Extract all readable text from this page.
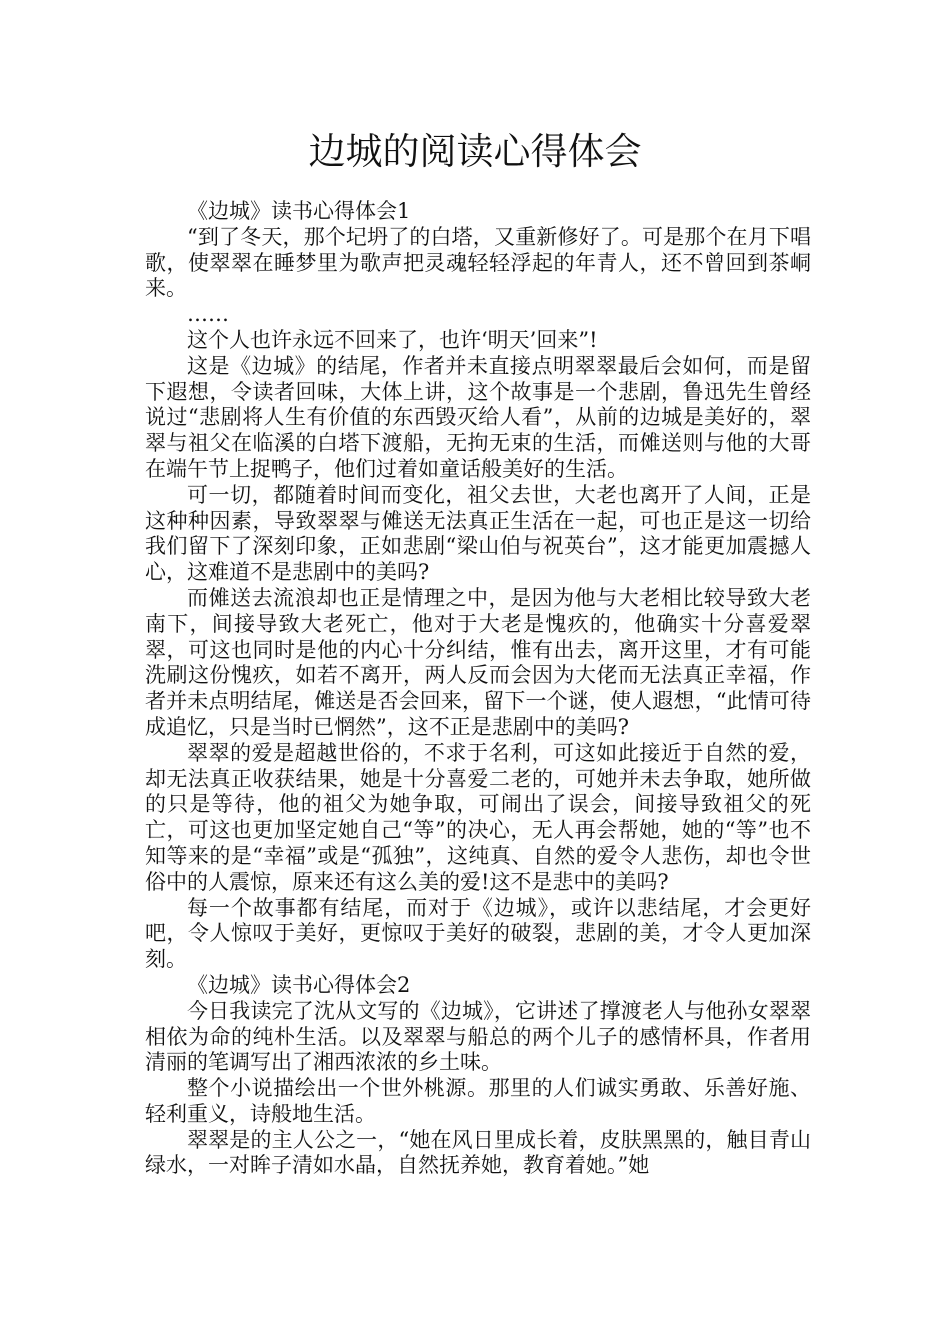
边城的阅读心得体会

《边城》读书心得体会1

“到了冬天，那个圮坍了的白塔，又重新修好了。可是那个在月下唱歌，使翠翠在睡梦里为歌声把灵魂轻轻浮起的年青人，还不曾回到茶峒来。

……

这个人也许永远不回来了，也许‘明天’回来”!

这是《边城》的结尾，作者并未直接点明翠翠最后会如何，而是留下遐想，令读者回味，大体上讲，这个故事是一个悲剧，鲁迅先生曾经说过“悲剧将人生有价值的东西毁灭给人看”，从前的边城是美好的，翠翠与祖父在临溪的白塔下渡船，无拘无束的生活，而傩送则与他的大哥在端午节上捉鸭子，他们过着如童话般美好的生活。

可一切，都随着时间而变化，祖父去世，大老也离开了人间，正是这种种因素，导致翠翠与傩送无法真正生活在一起，可也正是这一切给我们留下了深刻印象，正如悲剧“梁山伯与祝英台”，这才能更加震撼人心，这难道不是悲剧中的美吗?

而傩送去流浪却也正是情理之中，是因为他与大老相比较导致大老南下，间接导致大老死亡，他对于大老是愧疚的，他确实十分喜爱翠翠，可这也同时是他的内心十分纠结，惟有出去，离开这里，才有可能洗刷这份愧疚，如若不离开，两人反而会因为大佬而无法真正幸福，作者并未点明结尾，傩送是否会回来，留下一个谜，使人遐想，“此情可待成追忆，只是当时已惘然”，这不正是悲剧中的美吗?

翠翠的爱是超越世俗的，不求于名利，可这如此接近于自然的爱，却无法真正收获结果，她是十分喜爱二老的，可她并未去争取，她所做的只是等待，他的祖父为她争取，可闹出了误会，间接导致祖父的死亡，可这也更加坚定她自己“等”的决心，无人再会帮她，她的“等”也不知等来的是“幸福”或是“孤独”，这纯真、自然的爱令人悲伤，却也令世俗中的人震惊，原来还有这么美的爱!这不是悲中的美吗?

每一个故事都有结尾，而对于《边城》，或许以悲结尾，才会更好吧，令人惊叹于美好，更惊叹于美好的破裂，悲剧的美，才令人更加深刻。

《边城》读书心得体会2

今日我读完了沈从文写的《边城》，它讲述了撑渡老人与他孙女翠翠相依为命的纯朴生活。以及翠翠与船总的两个儿子的感情杯具，作者用清丽的笔调写出了湘西浓浓的乡土味。

整个小说描绘出一个世外桃源。那里的人们诚实勇敢、乐善好施、轻利重义，诗般地生活。

翠翠是的主人公之一，“她在风日里成长着，皮肤黑黑的，触目青山绿水，一对眸子清如水晶，自然抚养她，教育着她。”她
